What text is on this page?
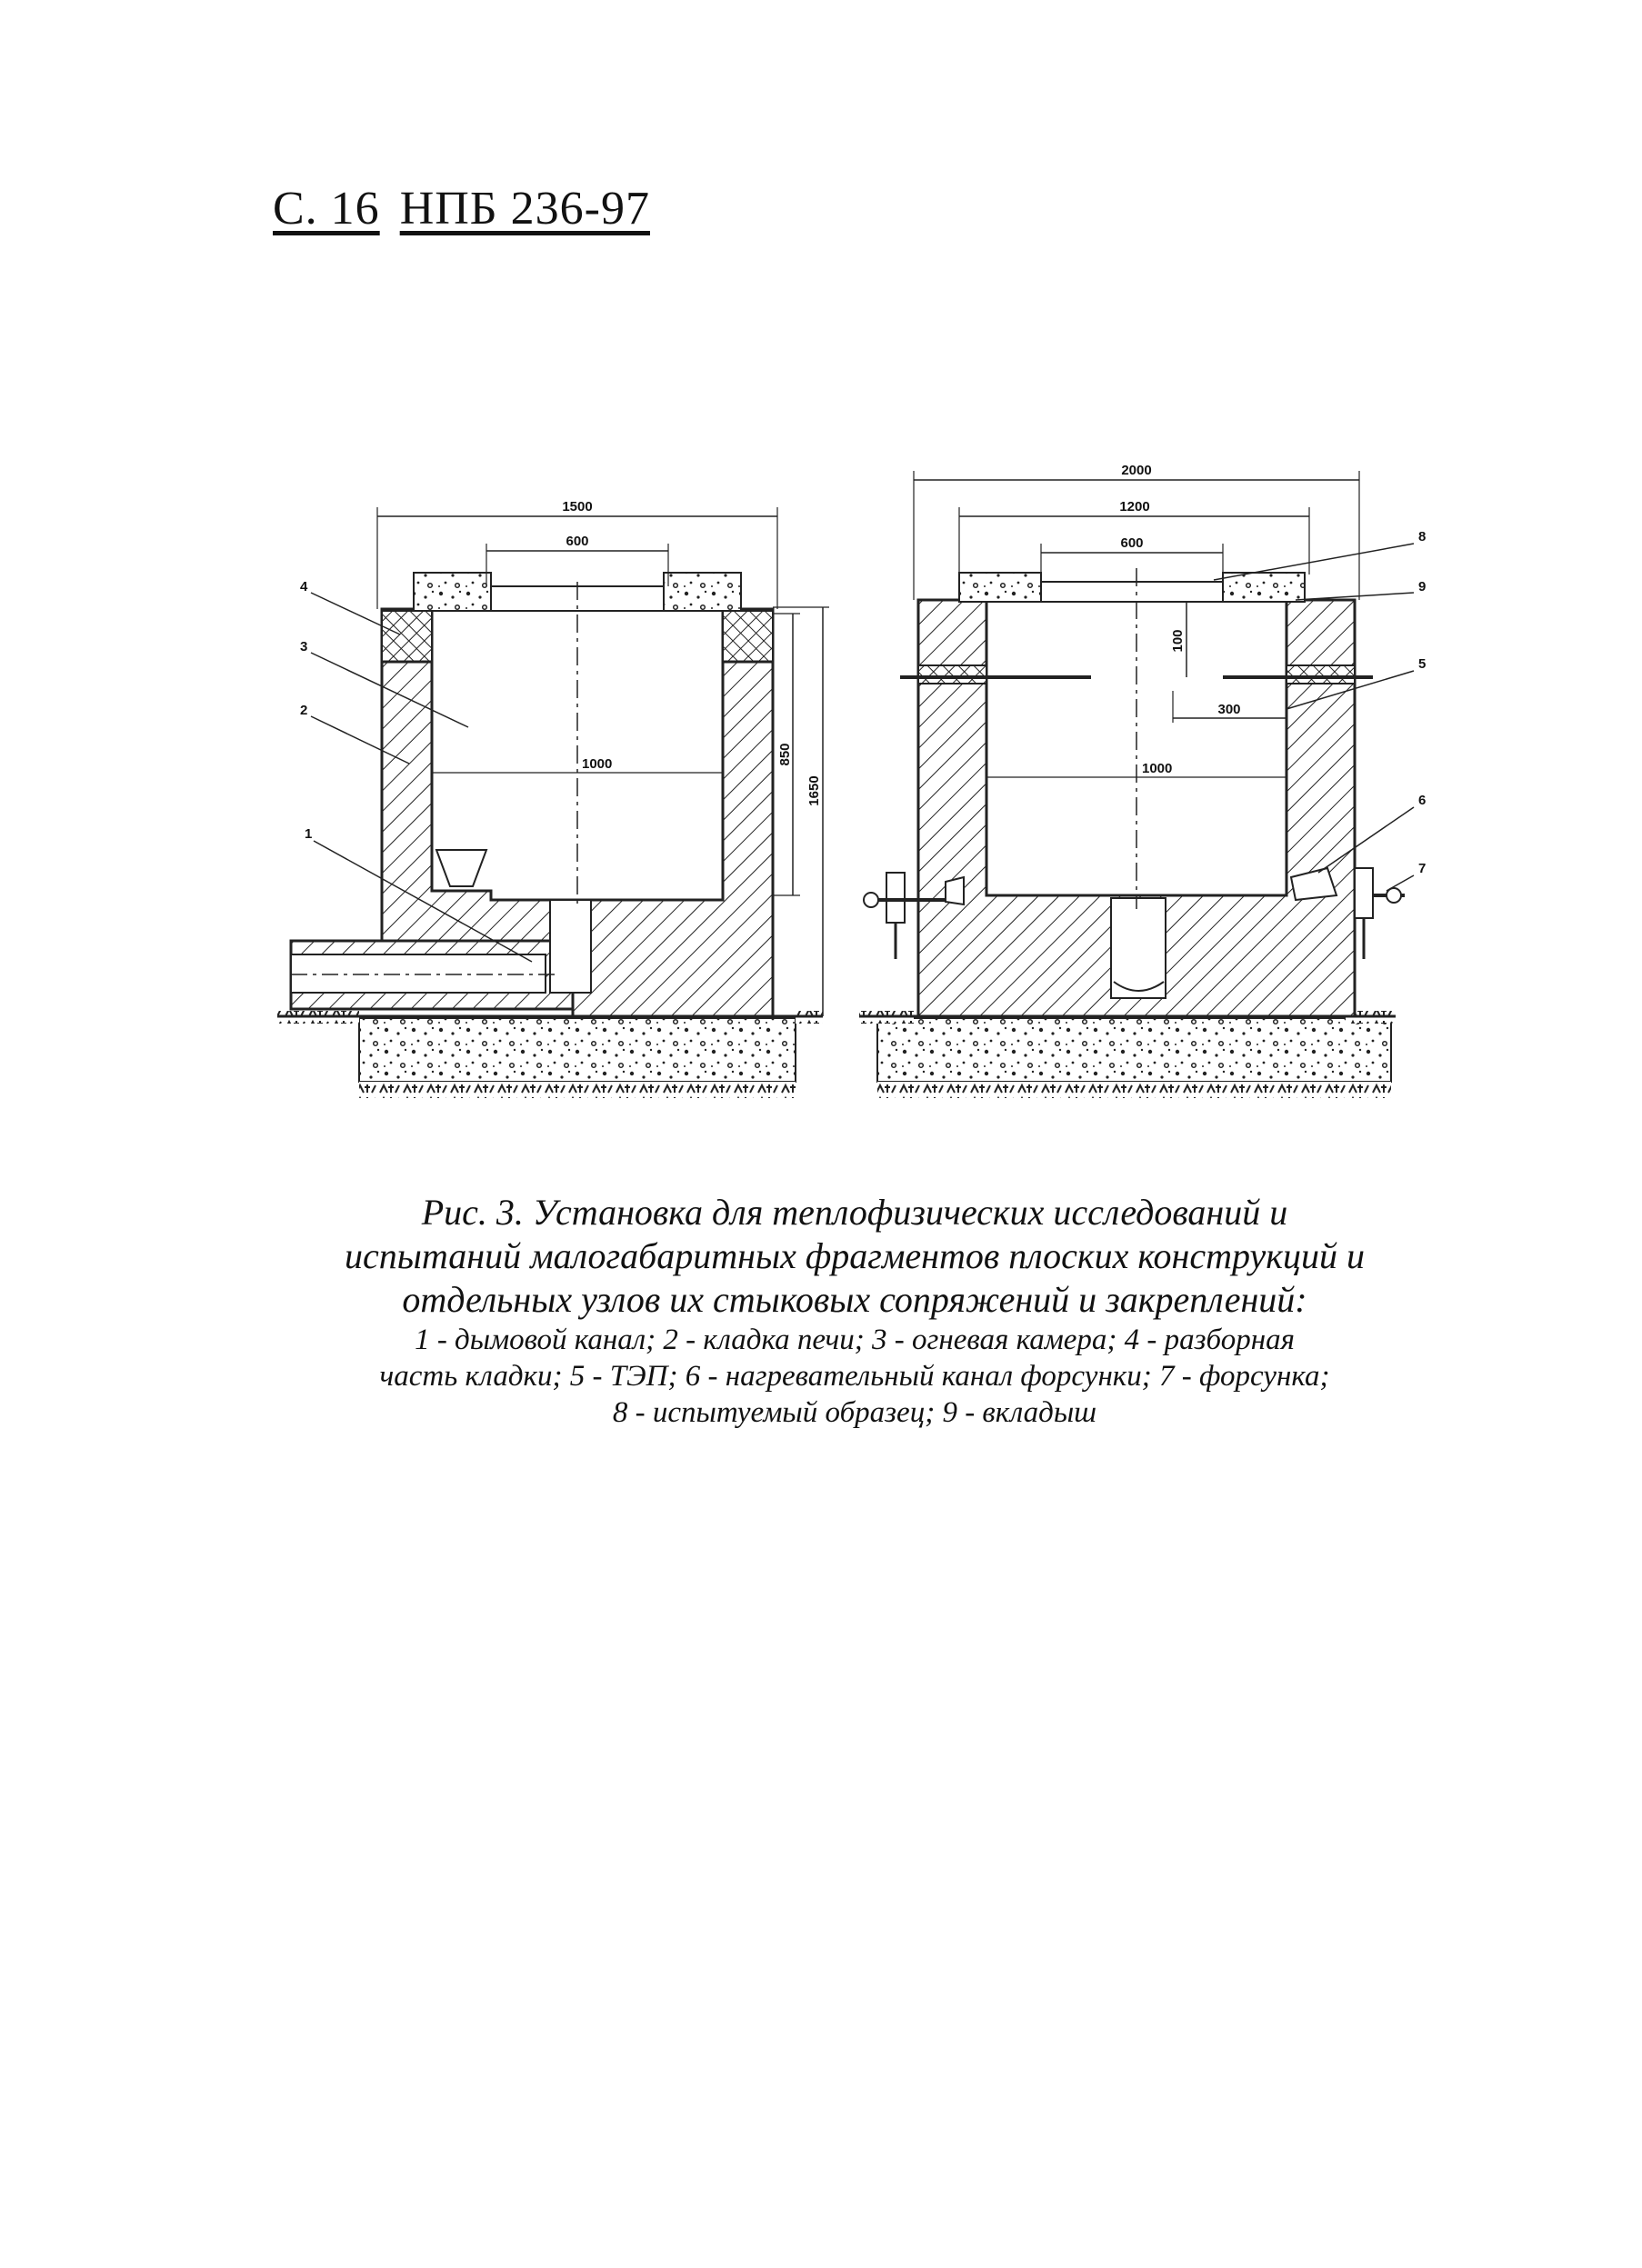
С. 16 НПБ 236-97
1500
600
1000	850
1650
4
3
2
1
2000
1200
600
100
300
1000
8
9
5
6
7
Рис. 3. Установка для теплофизических исследований и
испытаний малогабаритных фрагментов плоских конструкций и
отдельных узлов их стыковых сопряжений и закреплений:
1 - дымовой канал; 2 - кладка печи; 3 - огневая камера; 4 - разборная
часть кладки; 5 - ТЭП; 6 - нагревательный канал форсунки; 7 - форсунка;
8 - испытуемый образец; 9 - вкладыш
